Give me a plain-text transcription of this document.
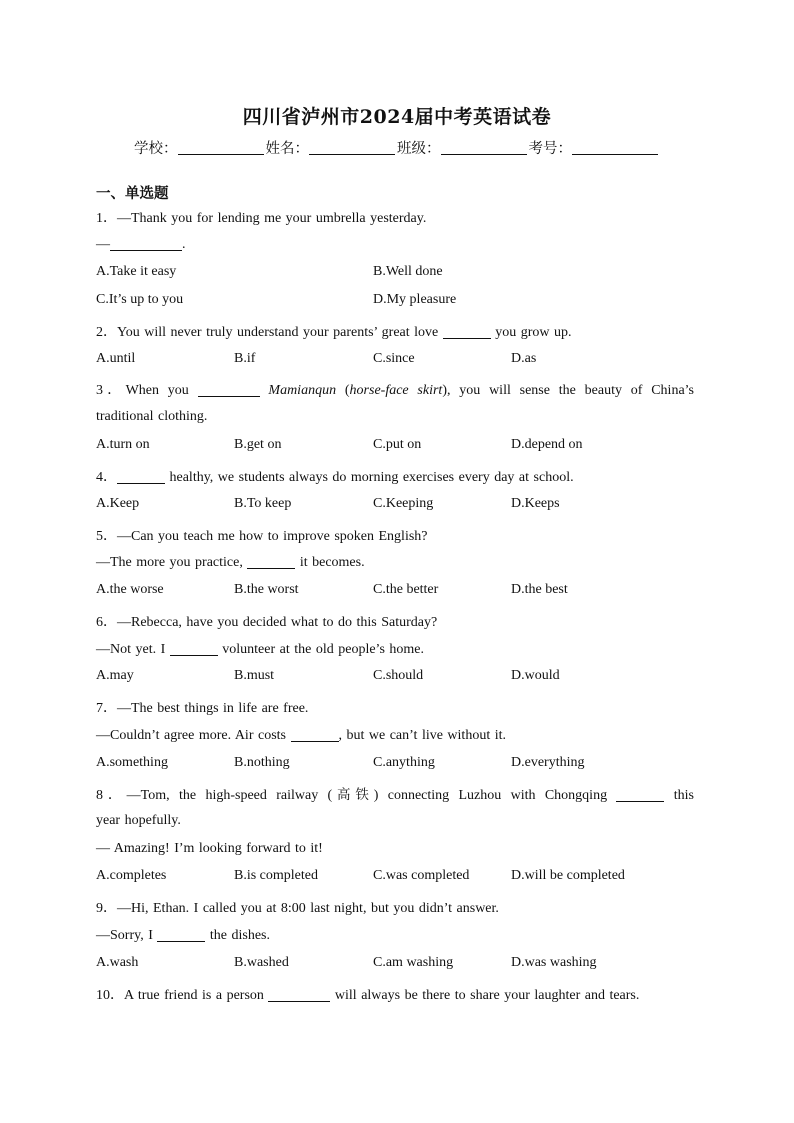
四川省泸州市2024届中考英语试卷
学校：	姓名：	班级：	考号：
一、单选题
1．—Thank you for lending me your umbrella yesterday.
—	.
A.Take it easy	B.Well done
C.It’s up to you	D.My pleasure
2．You will never truly understand your parents’ great love	you grow up.
A.until	B.if	C.since	D.as
3．When you	Mamianqun (horse-face skirt), you will sense the beauty of China’s
traditional clothing.
A.turn on	B.get on	C.put on	D.depend on
4．	healthy, we students always do morning exercises every day at school.
A.Keep	B.To keep	C.Keeping	D.Keeps
5．—Can you teach me how to improve spoken English?
—The more you practice,	it becomes.
A.the worse	B.the worst	C.the better	D.the best
6．—Rebecca, have you decided what to do this Saturday?
—Not yet. I	volunteer at the old people’s home.
A.may	B.must	C.should	D.would
7．—The best things in life are free.
—Couldn’t agree more. Air costs	, but we can’t live without it.
A.something	B.nothing	C.anything	D.everything
8．—Tom, the high-speed railway (高铁) connecting Luzhou with Chongqing	this
year hopefully.
— Amazing! I’m looking forward to it!
A.completes	B.is completed	C.was completed	D.will be completed
9．—Hi, Ethan. I called you at 8:00 last night, but you didn’t answer.
—Sorry, I	the dishes.
A.wash	B.washed	C.am washing	D.was washing
10．A true friend is a person	will always be there to share your laughter and tears.
